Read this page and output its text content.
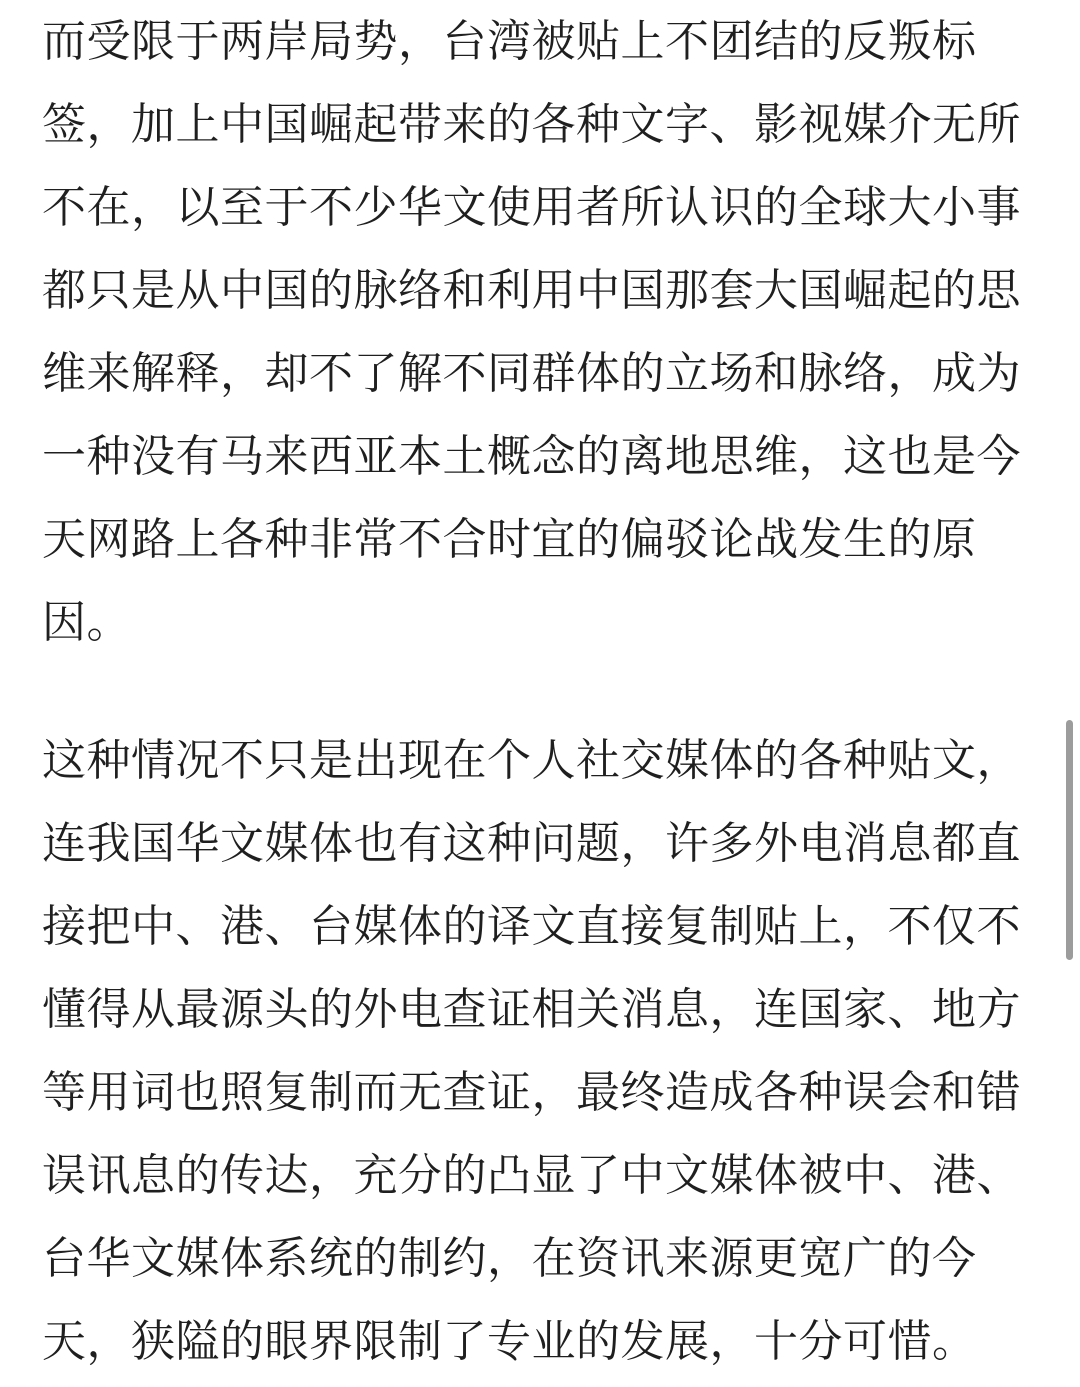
而受限于两岸局势，台湾被贴上不团结的反叛标
签，加上中国崛起带来的各种文字、影视媒介无所
不在，以至于不少华文使用者所认识的全球大小事
都只是从中国的脉络和利用中国那套大国崛起的思
维来解释，却不了解不同群体的立场和脉络，成为
一种没有马来西亚本土概念的离地思维，这也是今
天网路上各种非常不合时宜的偏驳论战发生的原
因。

这种情况不只是出现在个人社交媒体的各种贴文，
连我国华文媒体也有这种问题，许多外电消息都直
接把中、港、台媒体的译文直接复制贴上，不仅不
懂得从最源头的外电查证相关消息，连国家、地方
等用词也照复制而无查证，最终造成各种误会和错
误讯息的传达，充分的凸显了中文媒体被中、港、
台华文媒体系统的制约，在资讯来源更宽广的今
天，狭隘的眼界限制了专业的发展，十分可惜。
